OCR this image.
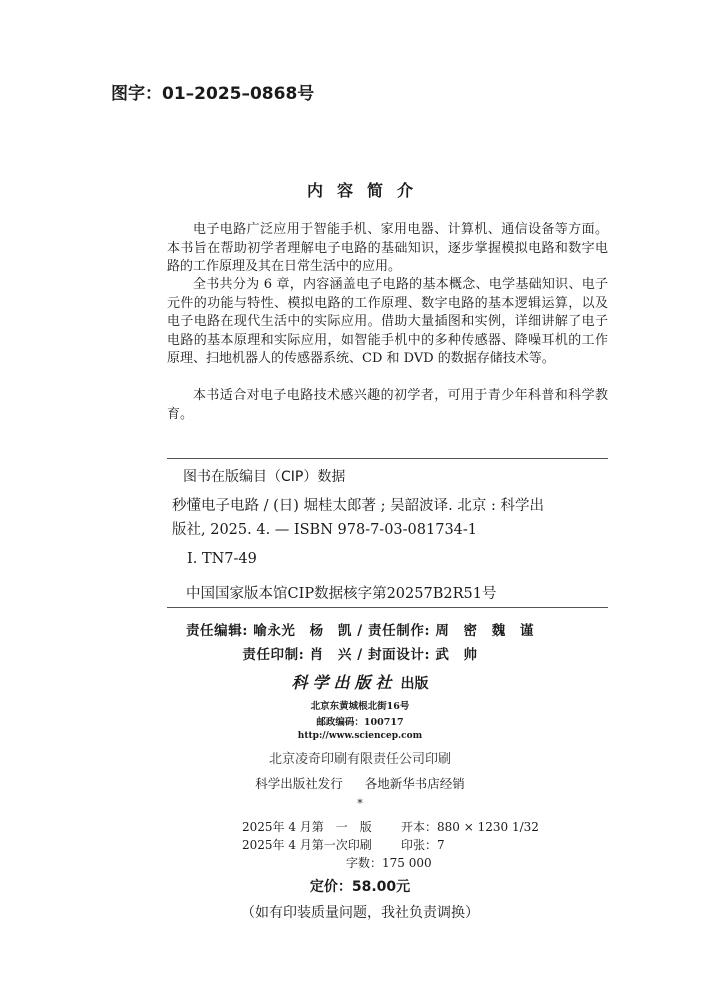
图字：01–2025–0868号
内容简介

电子电路广泛应用于智能手机、家用电器、计算机、通信设备等方面。本书旨在帮助初学者理解电子电路的基础知识，逐步掌握模拟电路和数字电路的工作原理及其在日常生活中的应用。

全书共分为 6 章，内容涵盖电子电路的基本概念、电学基础知识、电子元件的功能与特性、模拟电路的工作原理、数字电路的基本逻辑运算，以及电子电路在现代生活中的实际应用。借助大量插图和实例，详细讲解了电子电路的基本原理和实际应用，如智能手机中的多种传感器、降噪耳机的工作原理、扫地机器人的传感器系统、CD 和 DVD 的数据存储技术等。

本书适合对电子电路技术感兴趣的初学者，可用于青少年科普和科学教育。

图书在版编目（CIP）数据
秒懂电子电路 / (日) 堀桂太郎著 ; 吴韶波译. 北京 : 科学出
版社, 2025. 4. — ISBN 978-7-03-081734-1
Ⅰ. TN7-49
中国国家版本馆CIP数据核字第20257B2R51号
责任编辑: 喻永光　杨　凯 / 责任制作: 周　密　魏　谨
责任印制: 肖　兴 / 封面设计: 武　帅
科学出版社 出版
北京东黄城根北街16号
邮政编码：100717
http://www.sciencep.com
北京凌奇印刷有限责任公司印刷
科学出版社发行 各地新华书店经销
*
2025年 4 月第　一　版 开本：880 × 1230 1/32
2025年 4 月第一次印刷 印张：7
字数：175 000
定价：58.00元
（如有印装质量问题，我社负责调换）
